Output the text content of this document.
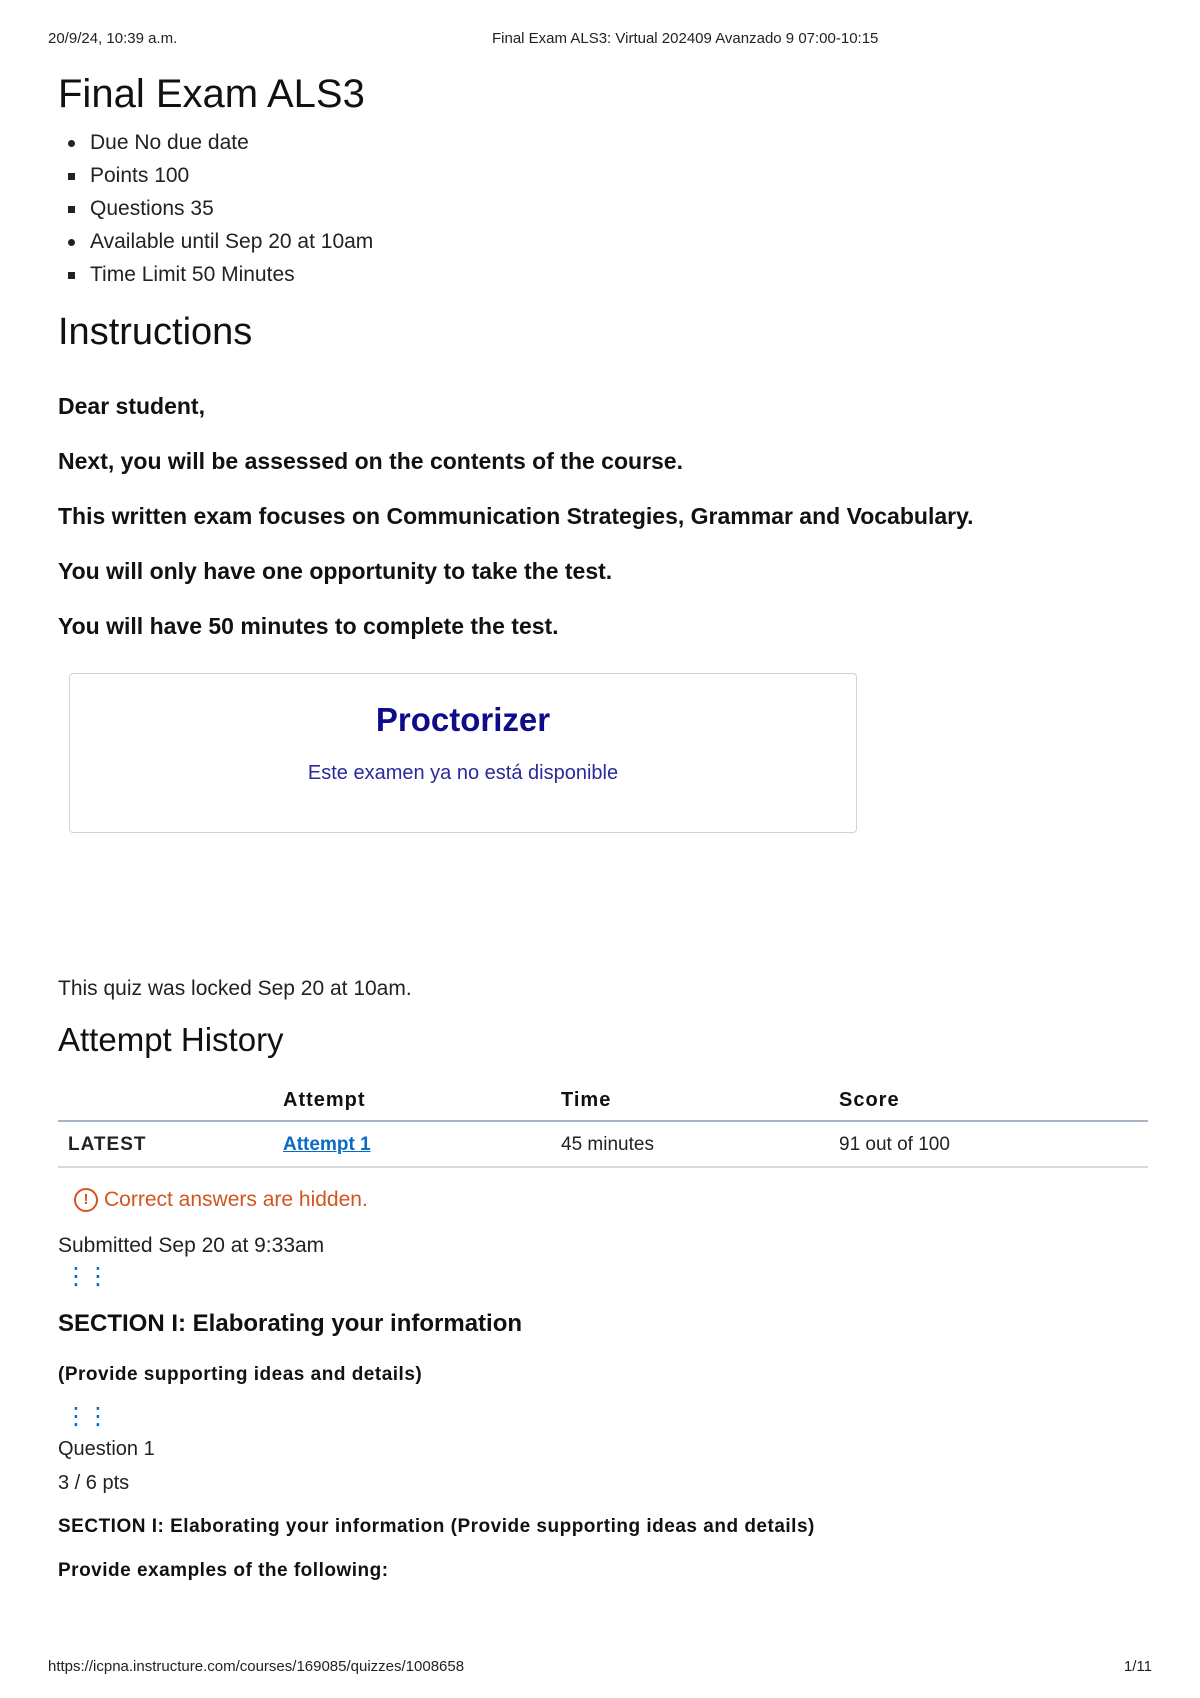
20/9/24, 10:39 a.m.	Final Exam ALS3: Virtual 202409 Avanzado 9 07:00-10:15
Final Exam ALS3
Due No due date
Points 100
Questions 35
Available until Sep 20 at 10am
Time Limit 50 Minutes
Instructions

Dear student,

Next, you will be assessed on the contents of the course.

This written exam focuses on Communication Strategies, Grammar and Vocabulary.

You will only have one opportunity to take the test.

You will have 50 minutes to complete the test.

Proctorizer
Este examen ya no está disponible
This quiz was locked Sep 20 at 10am.
Attempt History
	Attempt	Time	Score
LATEST	Attempt 1	45 minutes	91 out of 100
! Correct answers are hidden.
Submitted Sep 20 at 9:33am
⋮⋮
SECTION I: Elaborating your information
(Provide supporting ideas and details)
⋮⋮
Question 1
3 / 6 pts
SECTION I: Elaborating your information (Provide supporting ideas and details)
Provide examples of the following:
https://icpna.instructure.com/courses/169085/quizzes/1008658	1/11
